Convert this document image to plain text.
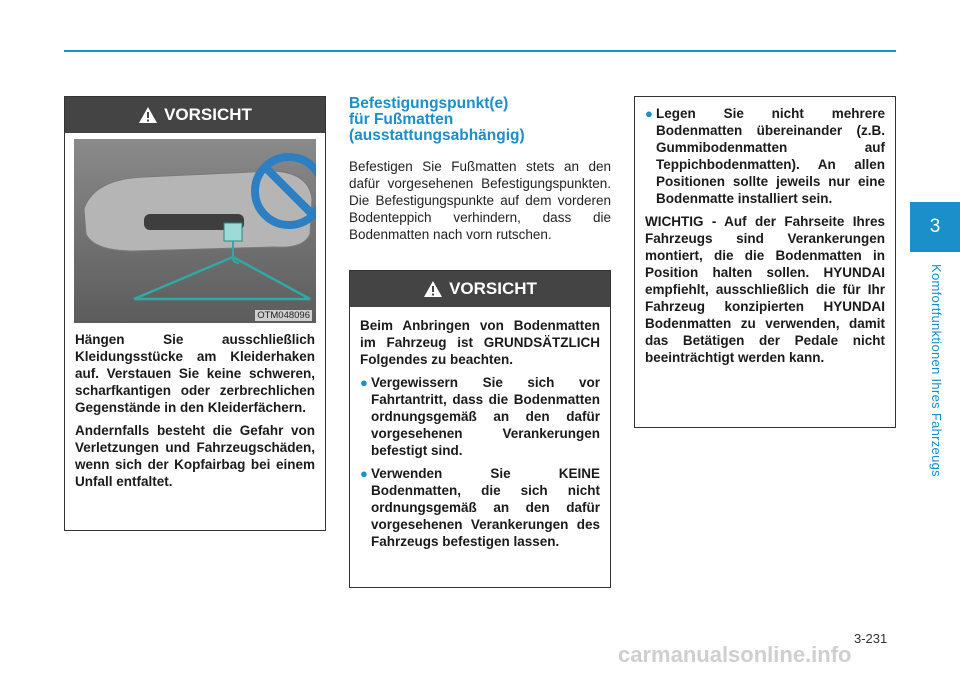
3
Komfortfunktionen Ihres Fahrzeugs
VORSICHT
OTM048096

Hängen Sie ausschließlich Kleidungsstücke am Kleiderhaken auf. Verstauen Sie keine schweren, scharfkantigen oder zerbrechlichen Gegenstände in den Kleiderfächern.

Andernfalls besteht die Gefahr von Verletzungen und Fahrzeugschäden, wenn sich der Kopfairbag bei einem Unfall entfaltet.

Befestigungspunkt(e)
für Fußmatten
(ausstattungsabhängig)
Befestigen Sie Fußmatten stets an den dafür vorgesehenen Befestigungspunkten. Die Befestigungspunkte auf dem vorderen Bodenteppich verhindern, dass die Bodenmatten nach vorn rutschen.
VORSICHT

Beim Anbringen von Bodenmatten im Fahrzeug ist GRUNDSÄTZLICH Folgendes zu beachten.

● Vergewissern Sie sich vor Fahrtantritt, dass die Bodenmatten ordnungsgemäß an den dafür vorgesehenen Verankerungen befestigt sind.
● Verwenden Sie KEINE Bodenmatten, die sich nicht ordnungsgemäß an den dafür vorgesehenen Verankerungen des Fahrzeugs befestigen lassen.
● Legen Sie nicht mehrere Bodenmatten übereinander (z.B. Gummibodenmatten auf Teppichbodenmatten). An allen Positionen sollte jeweils nur eine Bodenmatte installiert sein.

WICHTIG - Auf der Fahrseite Ihres Fahrzeugs sind Verankerungen montiert, die die Bodenmatten in Position halten sollen. HYUNDAI empfiehlt, ausschließlich die für Ihr Fahrzeug konzipierten HYUNDAI Bodenmatten zu verwenden, damit das Betätigen der Pedale nicht beeinträchtigt werden kann.

3-231
carmanualsonline.info
